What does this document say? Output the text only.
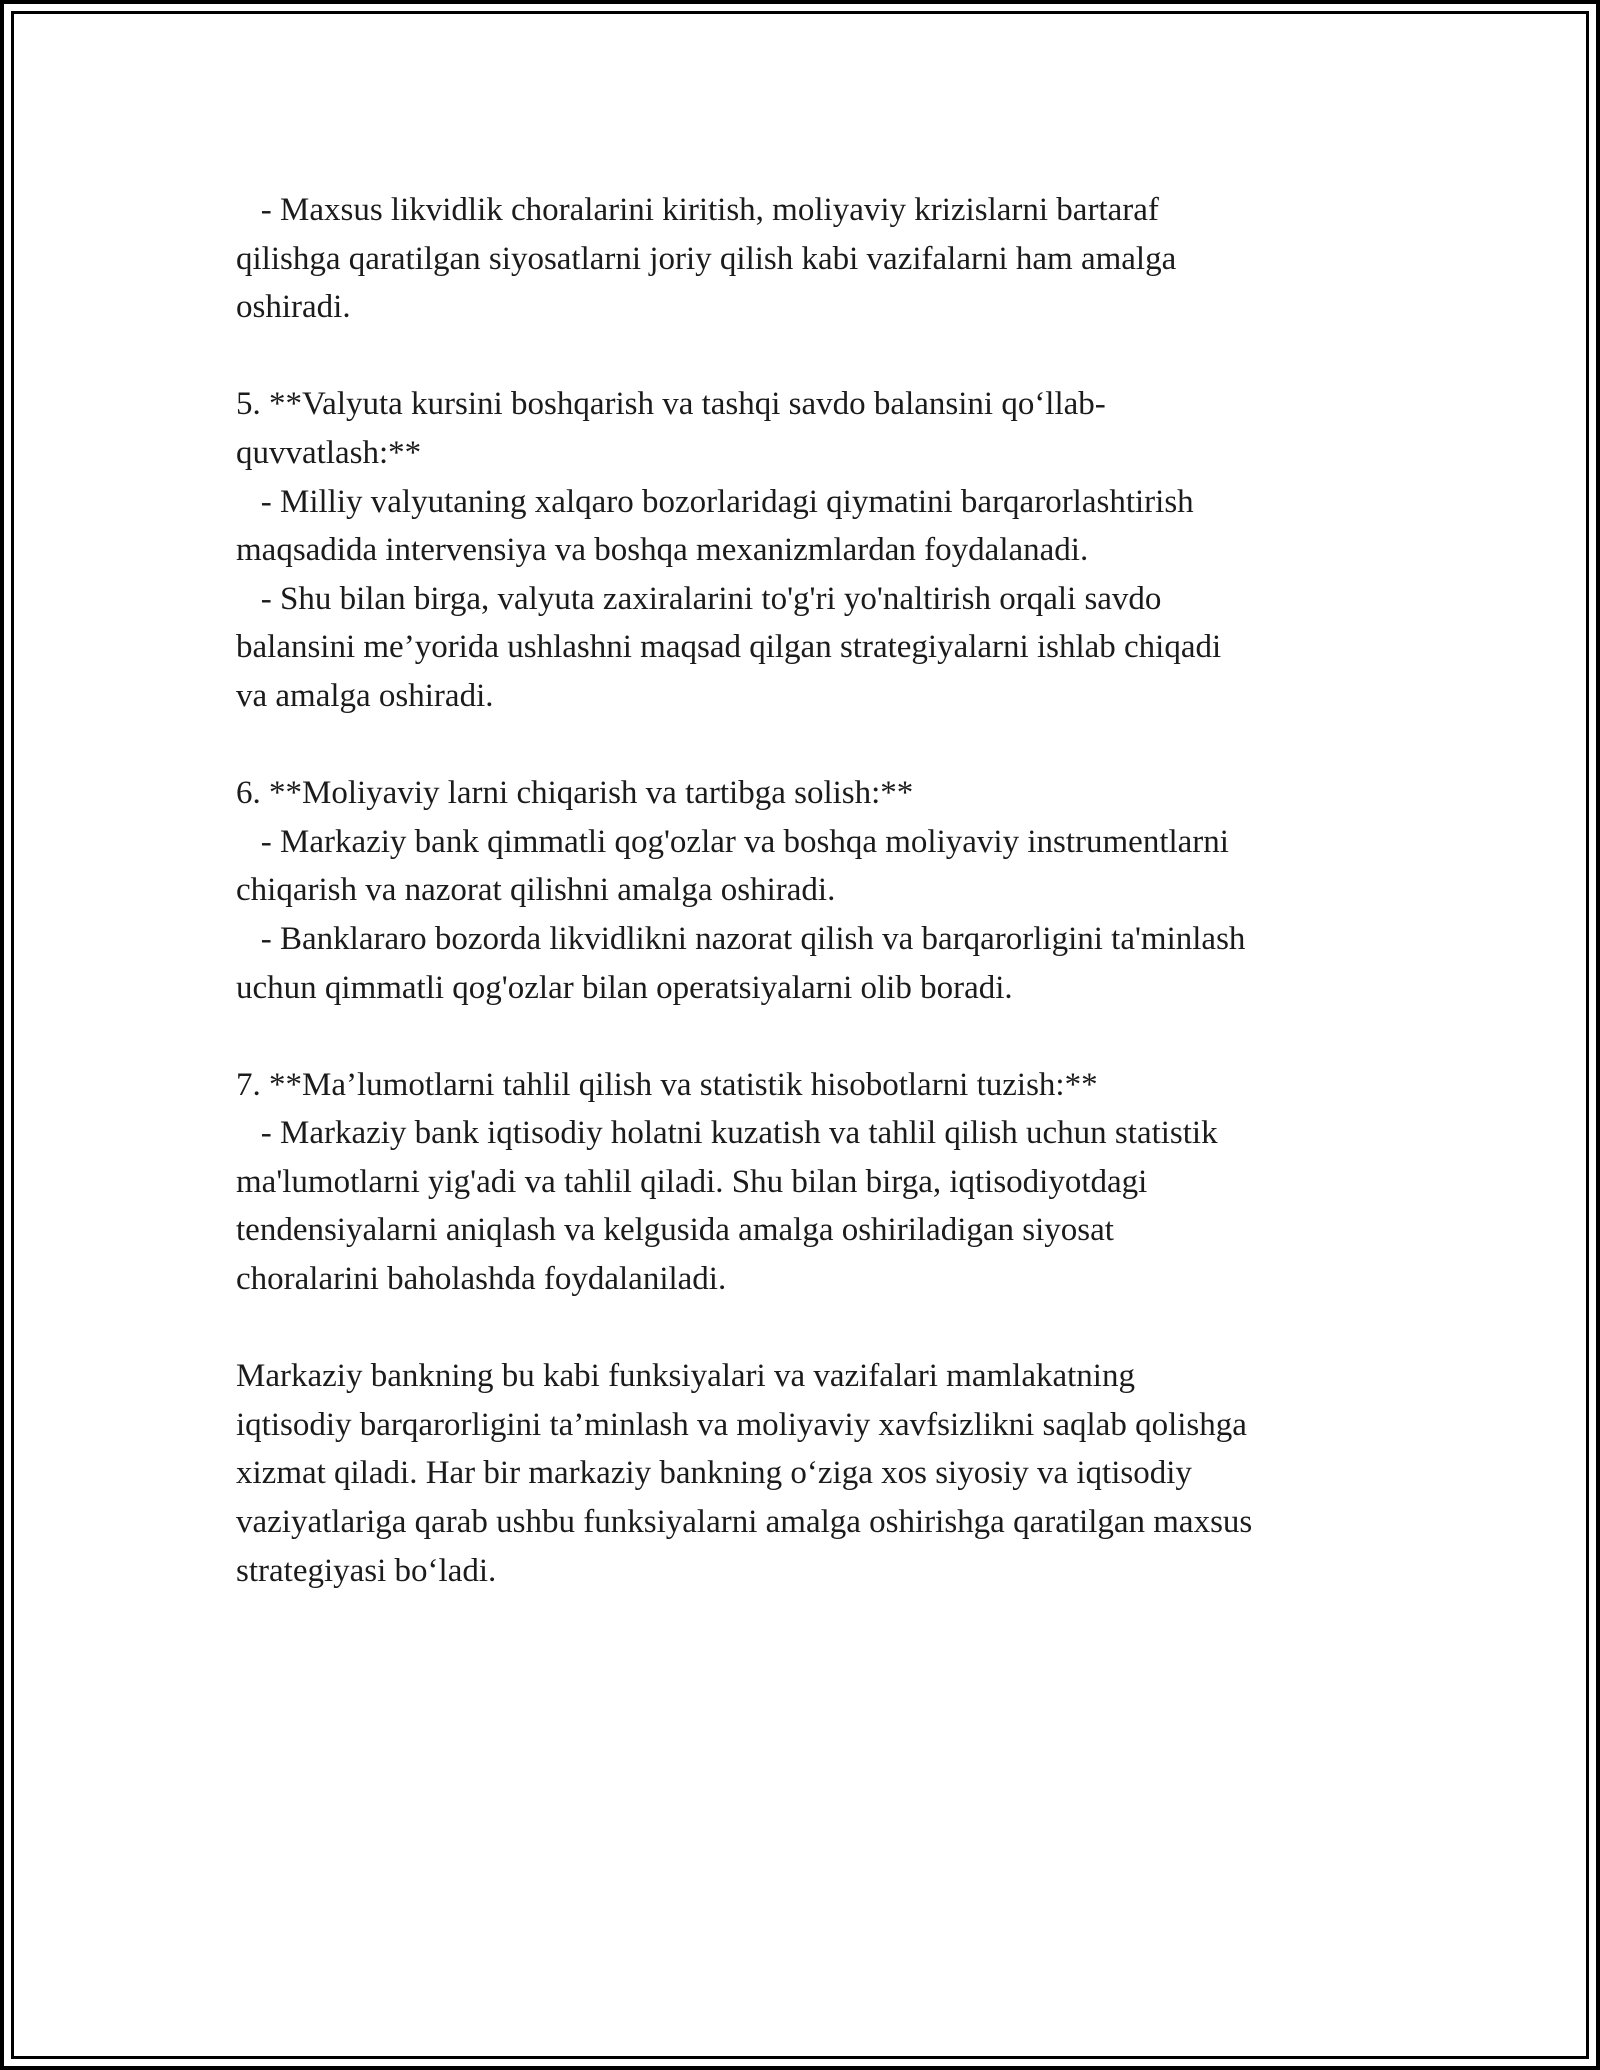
- Maxsus likvidlik choralarini kiritish, moliyaviy krizislarni bartaraf
qilishga qaratilgan siyosatlarni joriy qilish kabi vazifalarni ham amalga
oshiradi.
5. **Valyuta kursini boshqarish va tashqi savdo balansini qo‘llab-
quvvatlash:**
- Milliy valyutaning xalqaro bozorlaridagi qiymatini barqarorlashtirish
maqsadida intervensiya va boshqa mexanizmlardan foydalanadi.
- Shu bilan birga, valyuta zaxiralarini to'g'ri yo'naltirish orqali savdo
balansini me’yorida ushlashni maqsad qilgan strategiyalarni ishlab chiqadi
va amalga oshiradi.
6. **Moliyaviy larni chiqarish va tartibga solish:**
- Markaziy bank qimmatli qog'ozlar va boshqa moliyaviy instrumentlarni
chiqarish va nazorat qilishni amalga oshiradi.
- Banklararo bozorda likvidlikni nazorat qilish va barqarorligini ta'minlash
uchun qimmatli qog'ozlar bilan operatsiyalarni olib boradi.
7. **Ma’lumotlarni tahlil qilish va statistik hisobotlarni tuzish:**
- Markaziy bank iqtisodiy holatni kuzatish va tahlil qilish uchun statistik
ma'lumotlarni yig'adi va tahlil qiladi. Shu bilan birga, iqtisodiyotdagi
tendensiyalarni aniqlash va kelgusida amalga oshiriladigan siyosat
choralarini baholashda foydalaniladi.
Markaziy bankning bu kabi funksiyalari va vazifalari mamlakatning
iqtisodiy barqarorligini ta’minlash va moliyaviy xavfsizlikni saqlab qolishga
xizmat qiladi. Har bir markaziy bankning o‘ziga xos siyosiy va iqtisodiy
vaziyatlariga qarab ushbu funksiyalarni amalga oshirishga qaratilgan maxsus
strategiyasi bo‘ladi.
